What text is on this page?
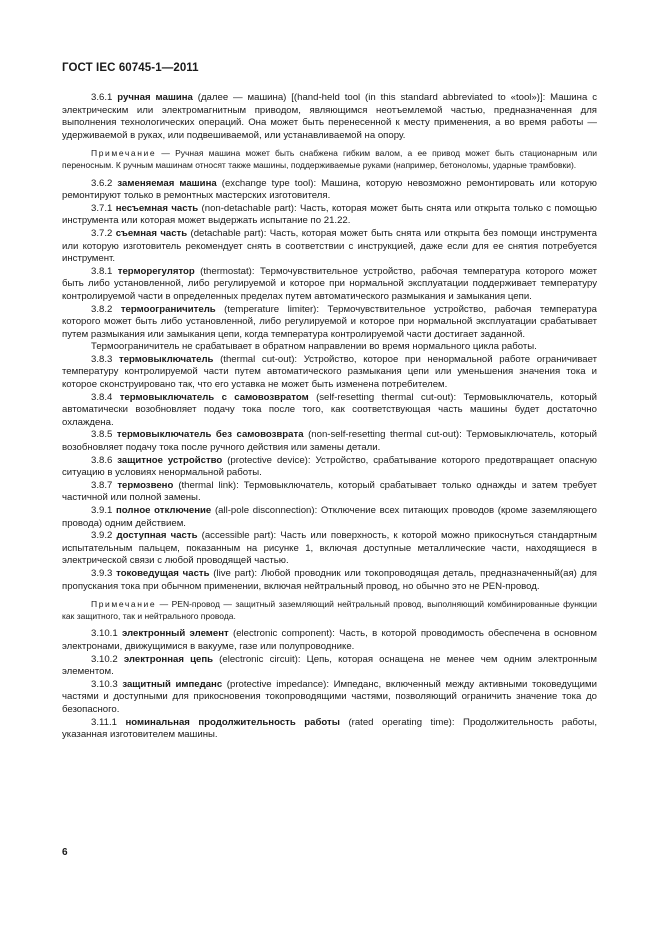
ГОСТ IEC 60745-1—2011

3.6.1 ручная машина (далее — машина) [(hand-held tool (in this standard abbreviated to «tool»)]: Машина с электрическим или электромагнитным приводом, являющимся неотъемлемой частью, предназначенная для выполнения технологических операций. Она может быть перенесенной к месту применения, а во время работы — удерживаемой в руках, или подвешиваемой, или устанавливаемой на опору.

Примечание — Ручная машина может быть снабжена гибким валом, а ее привод может быть стационарным или переносным. К ручным машинам относят также машины, поддерживаемые руками (например, бетоноломы, ударные трамбовки).

3.6.2 заменяемая машина (exchange type tool): Машина, которую невозможно ремонтировать или которую ремонтируют только в ремонтных мастерских изготовителя.

3.7.1 несъемная часть (non-detachable part): Часть, которая может быть снята или открыта только с помощью инструмента или которая может выдержать испытание по 21.22.

3.7.2 съемная часть (detachable part): Часть, которая может быть снята или открыта без помощи инструмента или которую изготовитель рекомендует снять в соответствии с инструкцией, даже если для ее снятия потребуется инструмент.

3.8.1 терморегулятор (thermostat): Термочувствительное устройство, рабочая температура которого может быть либо установленной, либо регулируемой и которое при нормальной эксплуатации поддерживает температуру контролируемой части в определенных пределах путем автоматического размыкания и замыкания цепи.

3.8.2 термоограничитель (temperature limiter): Термочувствительное устройство, рабочая температура которого может быть либо установленной, либо регулируемой и которое при нормальной эксплуатации срабатывает путем размыкания или замыкания цепи, когда температура контролируемой части достигает заданной.

Термоограничитель не срабатывает в обратном направлении во время нормального цикла работы.

3.8.3 термовыключатель (thermal cut-out): Устройство, которое при ненормальной работе ограничивает температуру контролируемой части путем автоматического размыкания цепи или уменьшения значения тока и которое сконструировано так, что его уставка не может быть изменена потребителем.

3.8.4 термовыключатель с самовозвратом (self-resetting thermal cut-out): Термовыключатель, который автоматически возобновляет подачу тока после того, как соответствующая часть машины будет достаточно охлаждена.

3.8.5 термовыключатель без самовозврата (non-self-resetting thermal cut-out): Термовыключатель, который возобновляет подачу тока после ручного действия или замены детали.

3.8.6 защитное устройство (protective device): Устройство, срабатывание которого предотвращает опасную ситуацию в условиях ненормальной работы.

3.8.7 термозвено (thermal link): Термовыключатель, который срабатывает только однажды и затем требует частичной или полной замены.

3.9.1 полное отключение (all-pole disconnection): Отключение всех питающих проводов (кроме заземляющего провода) одним действием.

3.9.2 доступная часть (accessible part): Часть или поверхность, к которой можно прикоснуться стандартным испытательным пальцем, показанным на рисунке 1, включая доступные металлические части, находящиеся в электрической связи с любой проводящей частью.

3.9.3 токоведущая часть (live part): Любой проводник или токопроводящая деталь, предназначенный(ая) для пропускания тока при обычном применении, включая нейтральный провод, но обычно это не PEN-провод.

Примечание — PEN-провод — защитный заземляющий нейтральный провод, выполняющий комбинированные функции как защитного, так и нейтрального провода.

3.10.1 электронный элемент (electronic component): Часть, в которой проводимость обеспечена в основном электронами, движущимися в вакууме, газе или полупроводнике.

3.10.2 электронная цепь (electronic circuit): Цепь, которая оснащена не менее чем одним электронным элементом.

3.10.3 защитный импеданс (protective impedance): Импеданс, включенный между активными токоведущими частями и доступными для прикосновения токопроводящими частями, позволяющий ограничить значение тока до безопасного.

3.11.1 номинальная продолжительность работы (rated operating time): Продолжительность работы, указанная изготовителем машины.

6
